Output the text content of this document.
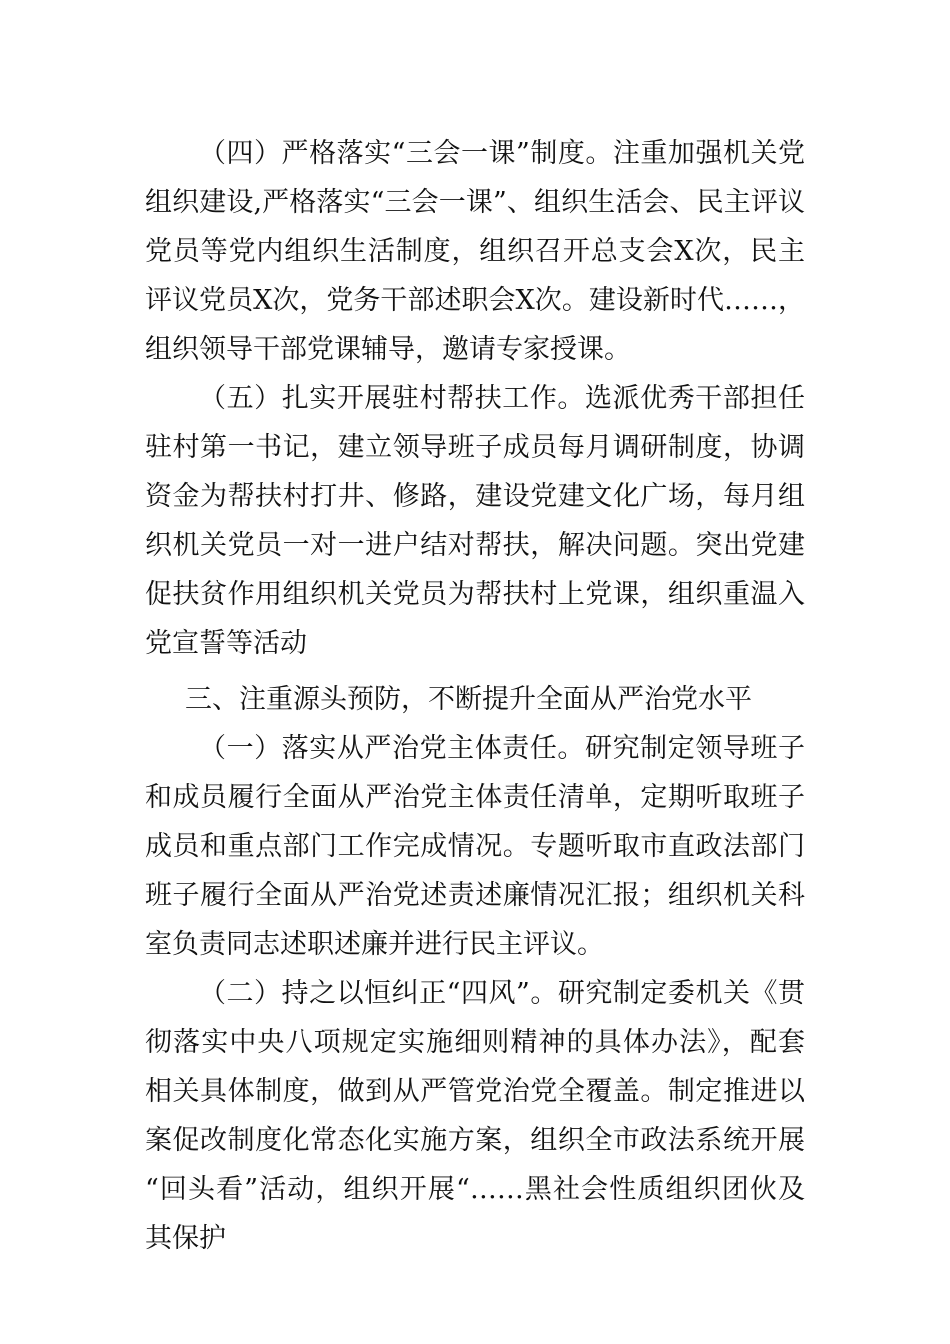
（四）严格落实“三会一课”制度。注重加强机关党组织建设,严格落实“三会一课”、组织生活会、民主评议党员等党内组织生活制度，组织召开总支会X次，民主评议党员X次，党务干部述职会X次。建设新时代……，组织领导干部党课辅导，邀请专家授课。

（五）扎实开展驻村帮扶工作。选派优秀干部担任驻村第一书记，建立领导班子成员每月调研制度，协调资金为帮扶村打井、修路，建设党建文化广场，每月组织机关党员一对一进户结对帮扶，解决问题。突出党建促扶贫作用组织机关党员为帮扶村上党课，组织重温入党宣誓等活动

三、注重源头预防，不断提升全面从严治党水平

（一）落实从严治党主体责任。研究制定领导班子和成员履行全面从严治党主体责任清单，定期听取班子成员和重点部门工作完成情况。专题听取市直政法部门班子履行全面从严治党述责述廉情况汇报；组织机关科室负责同志述职述廉并进行民主评议。

（二）持之以恒纠正“四风”。研究制定委机关《贯彻落实中央八项规定实施细则精神的具体办法》，配套相关具体制度，做到从严管党治党全覆盖。制定推进以案促改制度化常态化实施方案，组织全市政法系统开展 “回头看”活动，组织开展“……黑社会性质组织团伙及其保护
